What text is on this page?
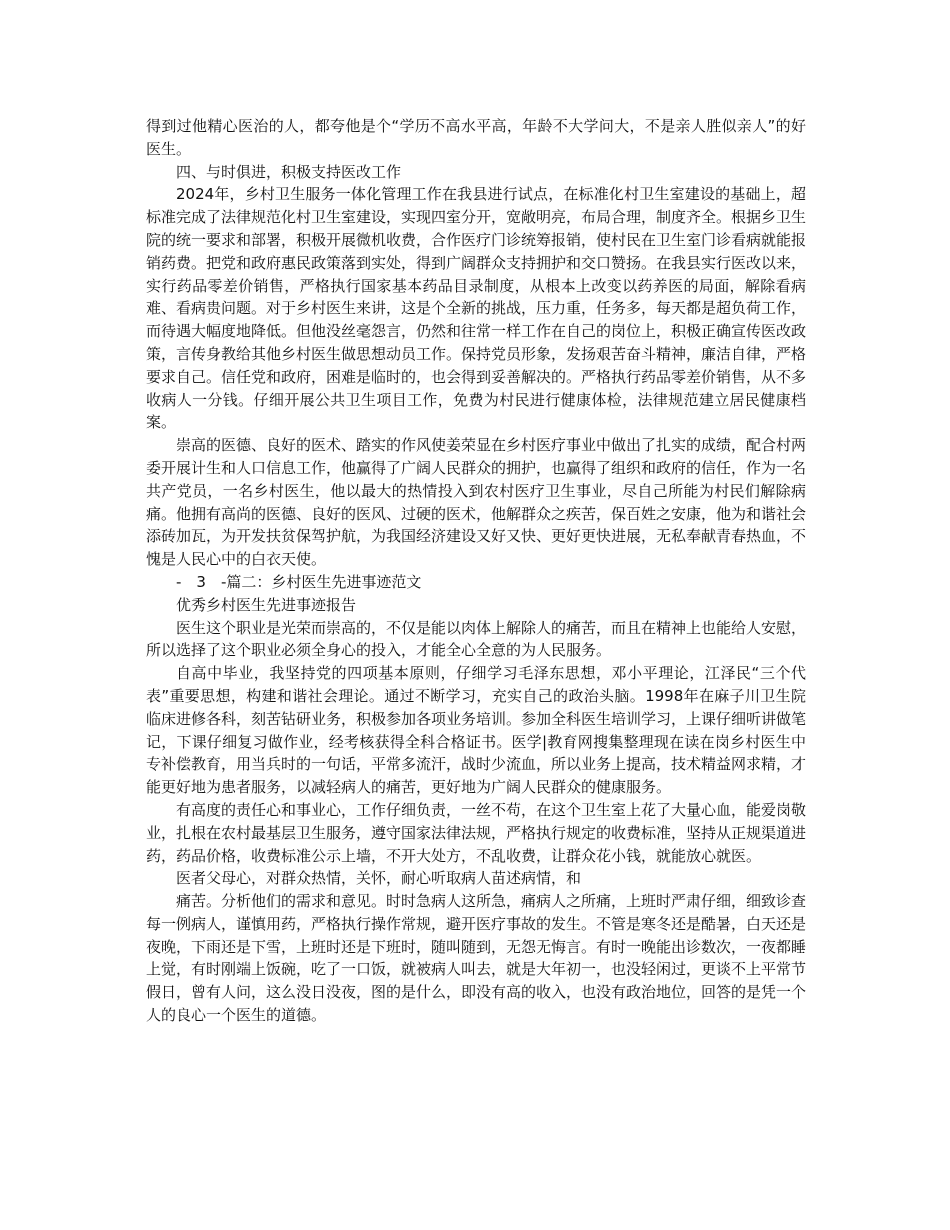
得到过他精心医治的人，都夸他是个“学历不高水平高，年龄不大学问大，不是亲人胜似亲人”的好医生。

四、与时俱进，积极支持医改工作

2024年，乡村卫生服务一体化管理工作在我县进行试点，在标准化村卫生室建设的基础上，超标准完成了法律规范化村卫生室建设，实现四室分开，宽敞明亮，布局合理，制度齐全。根据乡卫生院的统一要求和部署，积极开展微机收费，合作医疗门诊统筹报销，使村民在卫生室门诊看病就能报销药费。把党和政府惠民政策落到实处，得到广阔群众支持拥护和交口赞扬。在我县实行医改以来，实行药品零差价销售，严格执行国家基本药品目录制度，从根本上改变以药养医的局面，解除看病难、看病贵问题。对于乡村医生来讲，这是个全新的挑战，压力重，任务多，每天都是超负荷工作，而待遇大幅度地降低。但他没丝毫怨言，仍然和往常一样工作在自己的岗位上，积极正确宣传医改政策，言传身教给其他乡村医生做思想动员工作。保持党员形象，发扬艰苦奋斗精神，廉洁自律，严格要求自己。信任党和政府，困难是临时的，也会得到妥善解决的。严格执行药品零差价销售，从不多收病人一分钱。仔细开展公共卫生项目工作，免费为村民进行健康体检，法律规范建立居民健康档案。

崇高的医德、良好的医术、踏实的作风使姜荣显在乡村医疗事业中做出了扎实的成绩，配合村两委开展计生和人口信息工作，他赢得了广阔人民群众的拥护，也赢得了组织和政府的信任，作为一名共产党员，一名乡村医生，他以最大的热情投入到农村医疗卫生事业，尽自己所能为村民们解除病痛。他拥有高尚的医德、良好的医风、过硬的医术，他解群众之疾苦，保百姓之安康，他为和谐社会添砖加瓦，为开发扶贫保驾护航，为我国经济建设又好又快、更好更快进展，无私奉献青春热血，不愧是人民心中的白衣天使。

-　3　-篇二：乡村医生先进事迹范文

优秀乡村医生先进事迹报告

医生这个职业是光荣而崇高的，不仅是能以肉体上解除人的痛苦，而且在精神上也能给人安慰，所以选择了这个职业必须全身心的投入，才能全心全意的为人民服务。

自高中毕业，我坚持党的四项基本原则，仔细学习毛泽东思想，邓小平理论，江泽民“三个代表”重要思想，构建和谐社会理论。通过不断学习，充实自己的政治头脑。1998年在麻子川卫生院临床进修各科，刻苦钻研业务，积极参加各项业务培训。参加全科医生培训学习，上课仔细听讲做笔记，下课仔细复习做作业，经考核获得全科合格证书。医学|教育网搜集整理现在读在岗乡村医生中专补偿教育，用当兵时的一句话，平常多流汗，战时少流血，所以业务上提高，技术精益网求精，才能更好地为患者服务，以减轻病人的痛苦，更好地为广阔人民群众的健康服务。

有高度的责任心和事业心，工作仔细负责，一丝不苟，在这个卫生室上花了大量心血，能爱岗敬业，扎根在农村最基层卫生服务，遵守国家法律法规，严格执行规定的收费标准，坚持从正规渠道进药，药品价格，收费标准公示上墙，不开大处方，不乱收费，让群众花小钱，就能放心就医。

医者父母心，对群众热情，关怀，耐心听取病人苗述病情，和

痛苦。分析他们的需求和意见。时时急病人这所急，痛病人之所痛，上班时严肃仔细，细致诊查每一例病人，谨慎用药，严格执行操作常规，避开医疗事故的发生。不管是寒冬还是酷暑，白天还是夜晚，下雨还是下雪，上班时还是下班时，随叫随到，无怨无悔言。有时一晚能出诊数次，一夜都睡上觉，有时刚端上饭碗，吃了一口饭，就被病人叫去，就是大年初一，也没轻闲过，更谈不上平常节假日，曾有人问，这么没日没夜，图的是什么，即没有高的收入，也没有政治地位，回答的是凭一个人的良心一个医生的道德。
